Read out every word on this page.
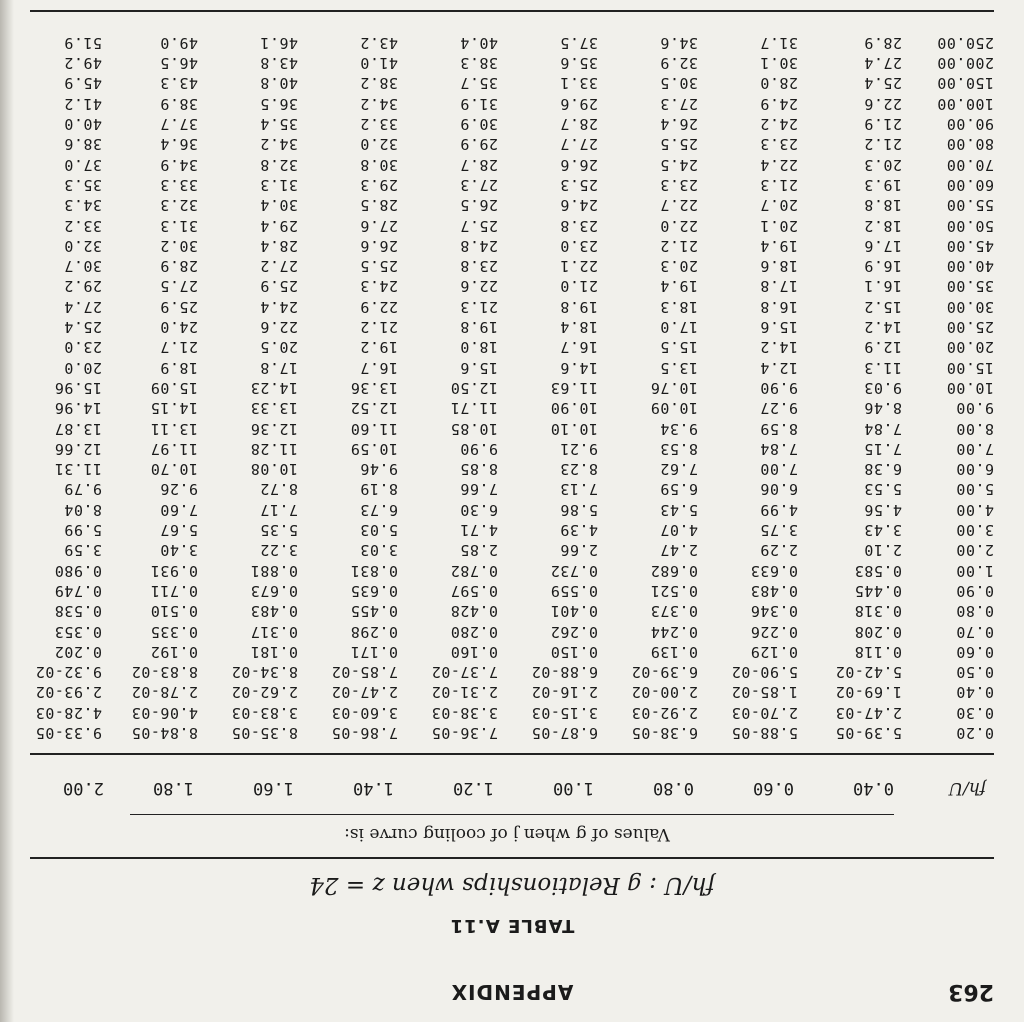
263
APPENDIX
TABLE A.11
fh/U : g Relationships when z = 24
Values of g when j of cooling curve is:
fh/U
0.40
0.60
0.80
1.00
1.20
1.40
1.60
1.80
2.00
0.20
5.39-05
5.88-05
6.38-05
6.87-05
7.36-05
7.86-05
8.35-05
8.84-05
9.33-05
0.30
2.47-03
2.70-03
2.92-03
3.15-03
3.38-03
3.60-03
3.83-03
4.06-03
4.28-03
0.40
1.69-02
1.85-02
2.00-02
2.16-02
2.31-02
2.47-02
2.62-02
2.78-02
2.93-02
0.50
5.42-02
5.90-02
6.39-02
6.88-02
7.37-02
7.85-02
8.34-02
8.83-02
9.32-02
0.60
0.118
0.129
0.139
0.150
0.160
0.171
0.181
0.192
0.202
0.70
0.208
0.226
0.244
0.262
0.280
0.298
0.317
0.335
0.353
0.80
0.318
0.346
0.373
0.401
0.428
0.455
0.483
0.510
0.538
0.90
0.445
0.483
0.521
0.559
0.597
0.635
0.673
0.711
0.749
1.00
0.583
0.633
0.682
0.732
0.782
0.831
0.881
0.931
0.980
2.00
2.10
2.29
2.47
2.66
2.85
3.03
3.22
3.40
3.59
3.00
3.43
3.75
4.07
4.39
4.71
5.03
5.35
5.67
5.99
4.00
4.56
4.99
5.43
5.86
6.30
6.73
7.17
7.60
8.04
5.00
5.53
6.06
6.59
7.13
7.66
8.19
8.72
9.26
9.79
6.00
6.38
7.00
7.62
8.23
8.85
9.46
10.08
10.70
11.31
7.00
7.15
7.84
8.53
9.21
9.90
10.59
11.28
11.97
12.66
8.00
7.84
8.59
9.34
10.10
10.85
11.60
12.36
13.11
13.87
9.00
8.46
9.27
10.09
10.90
11.71
12.52
13.33
14.15
14.96
10.00
9.03
9.90
10.76
11.63
12.50
13.36
14.23
15.09
15.96
15.00
11.3
12.4
13.5
14.6
15.6
16.7
17.8
18.9
20.0
20.00
12.9
14.2
15.5
16.7
18.0
19.2
20.5
21.7
23.0
25.00
14.2
15.6
17.0
18.4
19.8
21.2
22.6
24.0
25.4
30.00
15.2
16.8
18.3
19.8
21.3
22.9
24.4
25.9
27.4
35.00
16.1
17.8
19.4
21.0
22.6
24.3
25.9
27.5
29.2
40.00
16.9
18.6
20.3
22.1
23.8
25.5
27.2
28.9
30.7
45.00
17.6
19.4
21.2
23.0
24.8
26.6
28.4
30.2
32.0
50.00
18.2
20.1
22.0
23.8
25.7
27.6
29.4
31.3
33.2
55.00
18.8
20.7
22.7
24.6
26.5
28.5
30.4
32.3
34.3
60.00
19.3
21.3
23.3
25.3
27.3
29.3
31.3
33.3
35.3
70.00
20.3
22.4
24.5
26.6
28.7
30.8
32.8
34.9
37.0
80.00
21.2
23.3
25.5
27.7
29.9
32.0
34.2
36.4
38.6
90.00
21.9
24.2
26.4
28.7
30.9
33.2
35.4
37.7
40.0
100.00
22.6
24.9
27.3
29.6
31.9
34.2
36.5
38.9
41.2
150.00
25.4
28.0
30.5
33.1
35.7
38.2
40.8
43.3
45.9
200.00
27.4
30.1
32.9
35.6
38.3
41.0
43.8
46.5
49.2
250.00
28.9
31.7
34.6
37.5
40.4
43.2
46.1
49.0
51.9
